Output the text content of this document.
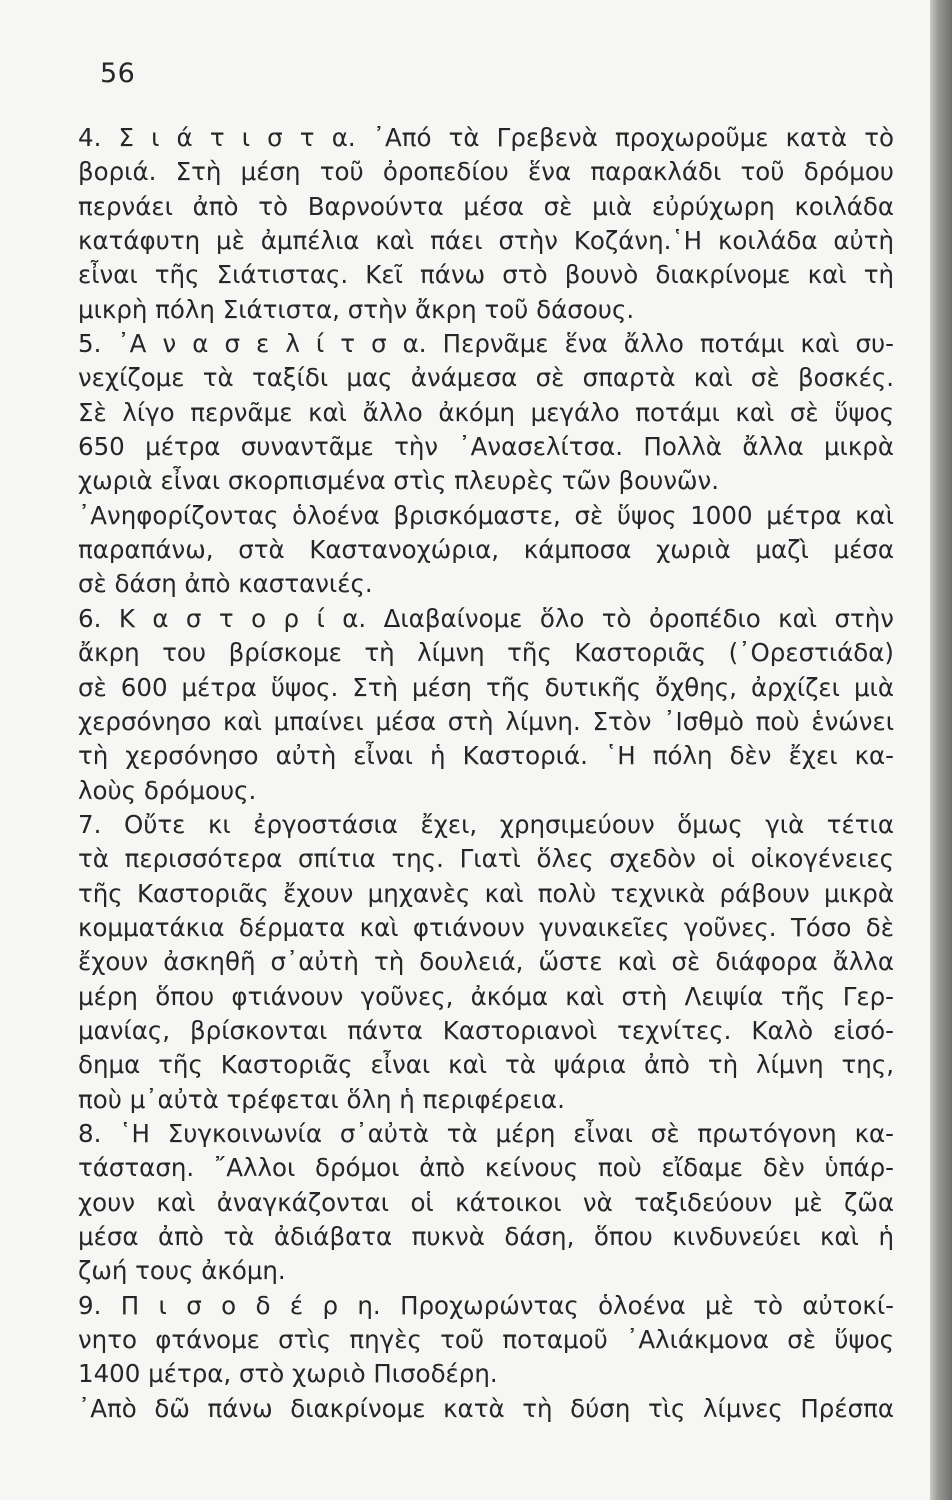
56
4. Σ ι ά τ ι σ τ α. ᾿Από τὰ Γρεβενὰ προχωροῦμε κατὰ τὸ
βοριά. Στὴ μέση τοῦ ὀροπεδίου ἕνα παρακλάδι τοῦ δρόμου
περνάει ἀπὸ τὸ Βαρνούντα μέσα σὲ μιὰ εὐρύχωρη κοιλάδα
κατάφυτη μὲ ἀμπέλια καὶ πάει στὴν Κοζάνη.῾Η κοιλάδα αὐτὴ
εἶναι τῆς Σιάτιστας. Κεῖ πάνω στὸ βουνὸ διακρίνομε καὶ τὴ
μικρὴ πόλη Σιάτιστα, στὴν ἄκρη τοῦ δάσους.
5. ᾿Α ν α σ ε λ ί τ σ α. Περνᾶμε ἕνα ἄλλο ποτάμι καὶ συ-
νεχίζομε τὰ ταξίδι μας ἀνάμεσα σὲ σπαρτὰ καὶ σὲ βοσκές.
Σὲ λίγο περνᾶμε καὶ ἄλλο ἀκόμη μεγάλο ποτάμι καὶ σὲ ὕψος
650 μέτρα συναντᾶμε τὴν ᾿Ανασελίτσα. Πολλὰ ἄλλα μικρὰ
χωριὰ εἶναι σκορπισμένα στὶς πλευρὲς τῶν βουνῶν.
᾿Ανηφορίζοντας ὁλοένα βρισκόμαστε, σὲ ὕψος 1000 μέτρα καὶ
παραπάνω, στὰ Καστανοχώρια, κάμποσα χωριὰ μαζὶ μέσα
σὲ δάση ἀπὸ καστανιές.
6. Κ α σ τ ο ρ ί α. Διαβαίνομε ὅλο τὸ ὀροπέδιο καὶ στὴν
ἄκρη του βρίσκομε τὴ λίμνη τῆς Καστοριᾶς (᾿Ορεστιάδα)
σὲ 600 μέτρα ὕψος. Στὴ μέση τῆς δυτικῆς ὄχθης, ἀρχίζει μιὰ
χερσόνησο καὶ μπαίνει μέσα στὴ λίμνη. Στὸν ᾿Ισθμὸ ποὺ ἑνώνει
τὴ χερσόνησο αὐτὴ εἶναι ἡ Καστοριά. ῾Η πόλη δὲν ἔχει κα-
λοὺς δρόμους.
7. Οὔτε κι ἐργοστάσια ἔχει, χρησιμεύουν ὅμως γιὰ τέτια
τὰ περισσότερα σπίτια της. Γιατὶ ὅλες σχεδὸν οἱ οἰκογένειες
τῆς Καστοριᾶς ἔχουν μηχανὲς καὶ πολὺ τεχνικὰ ράβουν μικρὰ
κομματάκια δέρματα καὶ φτιάνουν γυναικεῖες γοῦνες. Τόσο δὲ
ἔχουν ἀσκηθῆ σ᾿αὐτὴ τὴ δουλειά, ὥστε καὶ σὲ διάφορα ἄλλα
μέρη ὅπου φτιάνουν γοῦνες, ἀκόμα καὶ στὴ Λειψία τῆς Γερ-
μανίας, βρίσκονται πάντα Καστοριανοὶ τεχνίτες. Καλὸ εἰσό-
δημα τῆς Καστοριᾶς εἶναι καὶ τὰ ψάρια ἀπὸ τὴ λίμνη της,
ποὺ μ᾿αὐτὰ τρέφεται ὅλη ἡ περιφέρεια.
8. ῾Η Συγκοινωνία σ᾿αὐτὰ τὰ μέρη εἶναι σὲ πρωτόγονη κα-
τάσταση. ῎Αλλοι δρόμοι ἀπὸ κείνους ποὺ εἴδαμε δὲν ὑπάρ-
χουν καὶ ἀναγκάζονται οἱ κάτοικοι νὰ ταξιδεύουν μὲ ζῶα
μέσα ἀπὸ τὰ ἀδιάβατα πυκνὰ δάση, ὅπου κινδυνεύει καὶ ἡ
ζωή τους ἀκόμη.
9. Π ι σ ο δ έ ρ η. Προχωρώντας ὁλοένα μὲ τὸ αὐτοκί-
νητο φτάνομε στὶς πηγὲς τοῦ ποταμοῦ ᾿Αλιάκμονα σὲ ὕψος
1400 μέτρα, στὸ χωριὸ Πισοδέρη.
᾿Απὸ δῶ πάνω διακρίνομε κατὰ τὴ δύση τὶς λίμνες Πρέσπα
